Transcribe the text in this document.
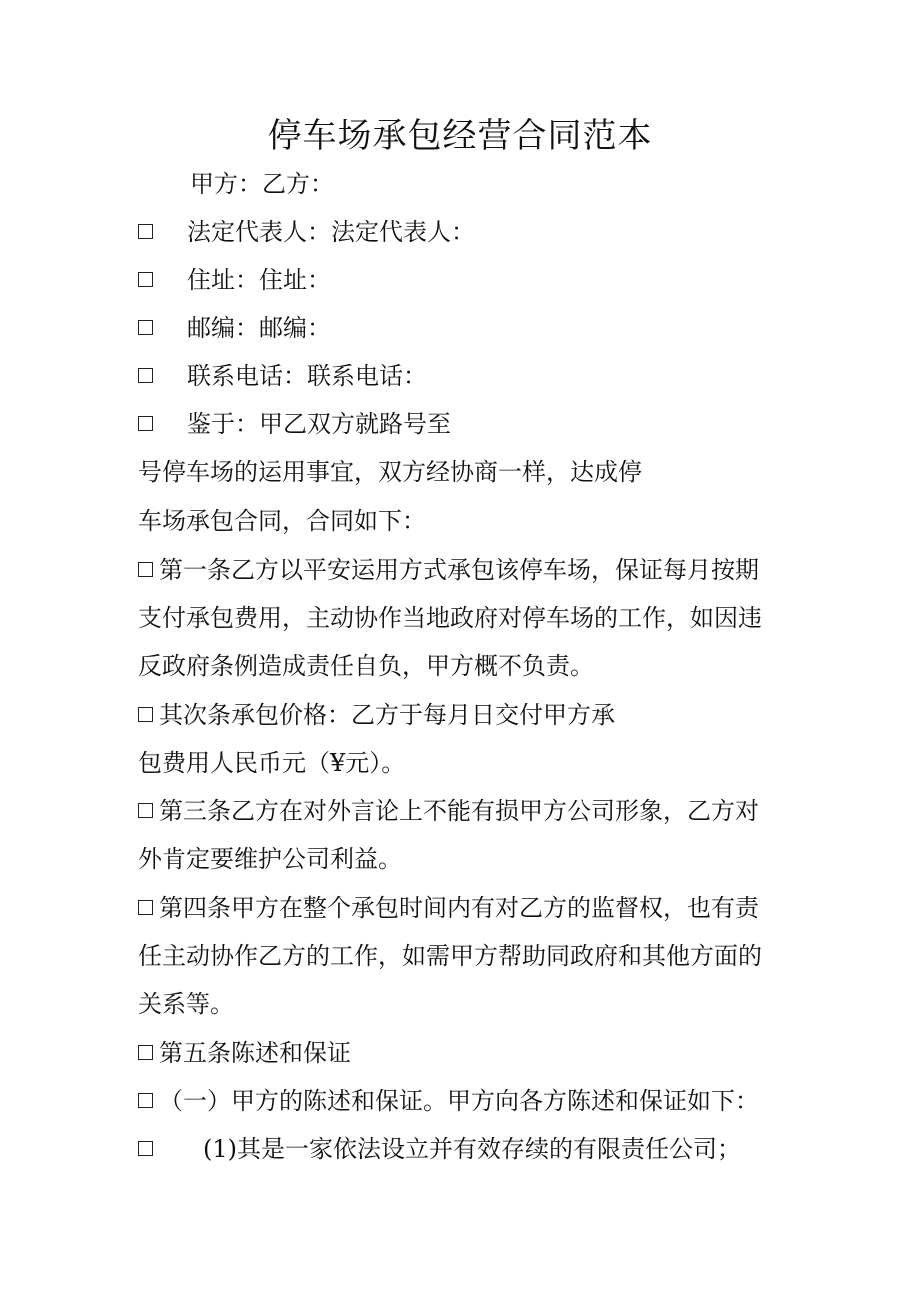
停车场承包经营合同范本
甲方：乙方：
法定代表人：法定代表人：
住址：住址：
邮编：邮编：
联系电话：联系电话：
鉴于：甲乙双方就路号至
号停车场的运用事宜，双方经协商一样，达成停
车场承包合同，合同如下：
第一条乙方以平安运用方式承包该停车场，保证每月按期
支付承包费用，主动协作当地政府对停车场的工作，如因违
反政府条例造成责任自负，甲方概不负责。
其次条承包价格：乙方于每月日交付甲方承
包费用人民币元（¥元）。
第三条乙方在对外言论上不能有损甲方公司形象，乙方对
外肯定要维护公司利益。
第四条甲方在整个承包时间内有对乙方的监督权，也有责
任主动协作乙方的工作，如需甲方帮助同政府和其他方面的
关系等。
第五条陈述和保证
（一）甲方的陈述和保证。甲方向各方陈述和保证如下：
(1)其是一家依法设立并有效存续的有限责任公司；
